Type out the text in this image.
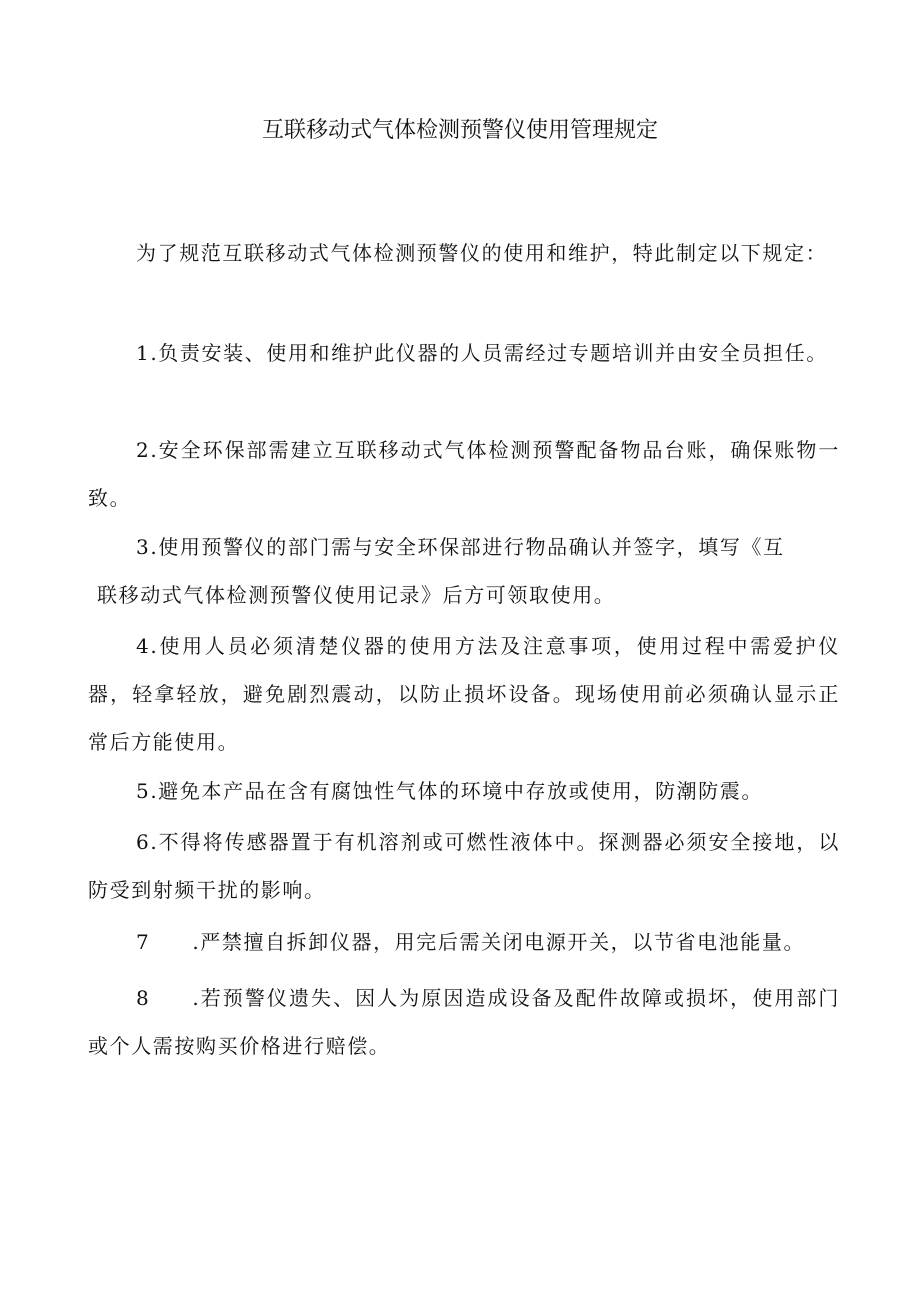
互联移动式气体检测预警仪使用管理规定
为了规范互联移动式气体检测预警仪的使用和维护，特此制定以下规定：
1.负责安装、使用和维护此仪器的人员需经过专题培训并由安全员担任。
2.安全环保部需建立互联移动式气体检测预警配备物品台账，确保账物一致。
3.使用预警仪的部门需与安全环保部进行物品确认并签字，填写《互
联移动式气体检测预警仪使用记录》后方可领取使用。
4.使用人员必须清楚仪器的使用方法及注意事项，使用过程中需爱护仪器，轻拿轻放，避免剧烈震动，以防止损坏设备。现场使用前必须确认显示正常后方能使用。
5.避免本产品在含有腐蚀性气体的环境中存放或使用，防潮防震。
6.不得将传感器置于有机溶剂或可燃性液体中。探测器必须安全接地，以防受到射频干扰的影响。
7 .严禁擅自拆卸仪器，用完后需关闭电源开关，以节省电池能量。
8 .若预警仪遗失、因人为原因造成设备及配件故障或损坏，使用部门或个人需按购买价格进行赔偿。
